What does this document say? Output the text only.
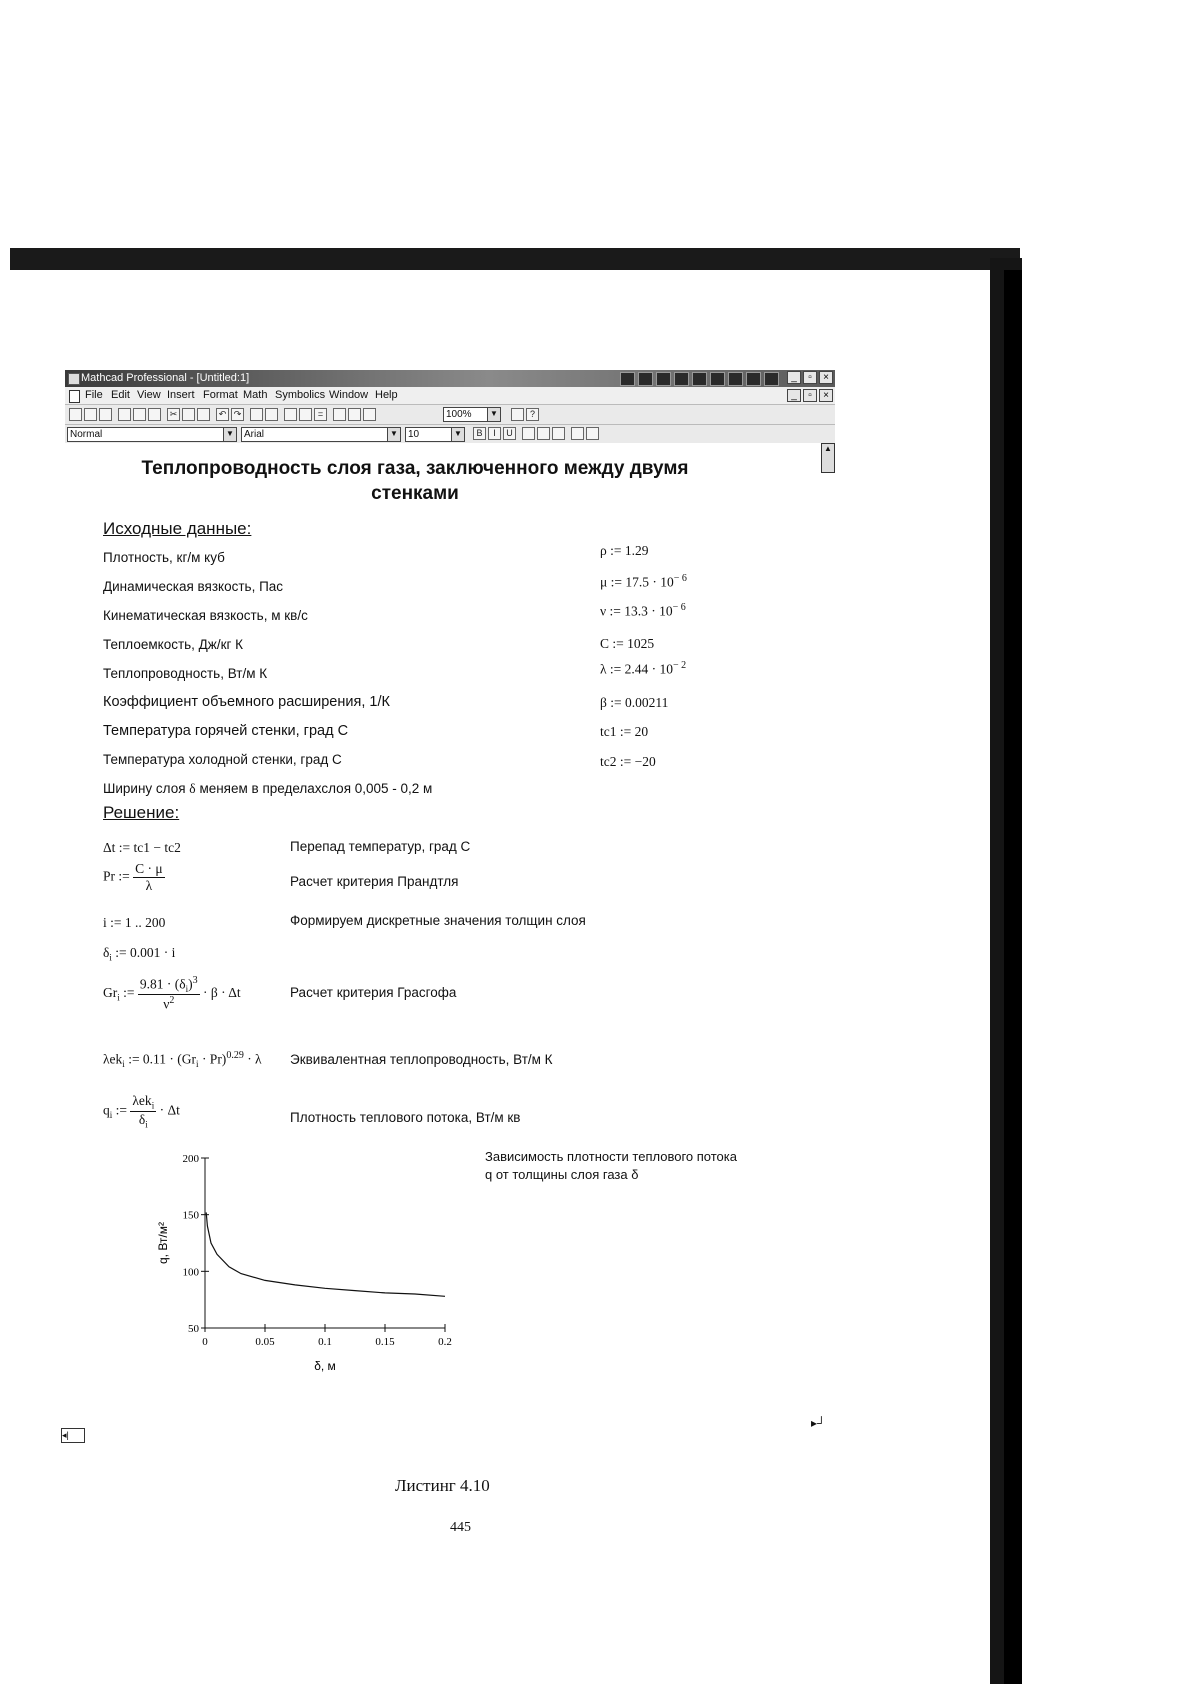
Mathcad Professional - [Untitled:1]	_	▫	×
File Edit View Insert Format Math Symbolics Window Help	_	▫	×
✂	↶ ↷	=	100%	▼	?
Normal	▼	Arial	▼	10	▼	B	I	U
▲
Теплопроводность слоя газа, заключенного между двумя стенками
Исходные данные:
Плотность, кг/м куб	ρ := 1.29
Динамическая вязкость, Пас	μ := $17.5 \cdot 10^{- 6}$
Кинематическая вязкость, м кв/с	ν := $13.3 \cdot 10^{- 6}$
Теплоемкость, Дж/кг К	C := 1025
Теплопроводность, Вт/м К	λ := $2.44 \cdot 10^{- 2}$
Коэффициент объемного расширения, 1/К	β := 0.00211
Температура горячей стенки, град С	tc1 := 20
Температура холодной стенки, град С	tc2 := −20
Ширину слоя δ меняем в пределахслоя 0,005 - 0,2 м
Решение:
Δt := tc1 − tc2	Перепад температур, град С
Pr := $\frac{C \cdot \mu}{\lambda}$	Расчет критерия Прандтля
i := 1 .. 200	Формируем дискретные значения толщин слоя
$\delta_i$ := 0.001 · i
$Gr_i$ := $\frac{9.81 \cdot (\delta_i)^3}{\nu^2} \cdot \beta \cdot \Delta t$	Расчет критерия Грасгофа
λek$_i$ := $0.11 \cdot (Gr_i \cdot Pr)^{0.29} \cdot \lambda$ Эквивалентная теплопроводность, Вт/м К
$q_i$ := $\frac{\lambda ek_i}{\delta_i} \cdot \Delta t$
Плотность теплового потока, Вт/м кв
Зависимость плотности теплового потока q от толщины слоя газа δ
50
100
150
200
0	0.05	0.1	0.15	0.2
δ, м
q, Вт/м²
◂|
▸┘
Листинг 4.10
445
